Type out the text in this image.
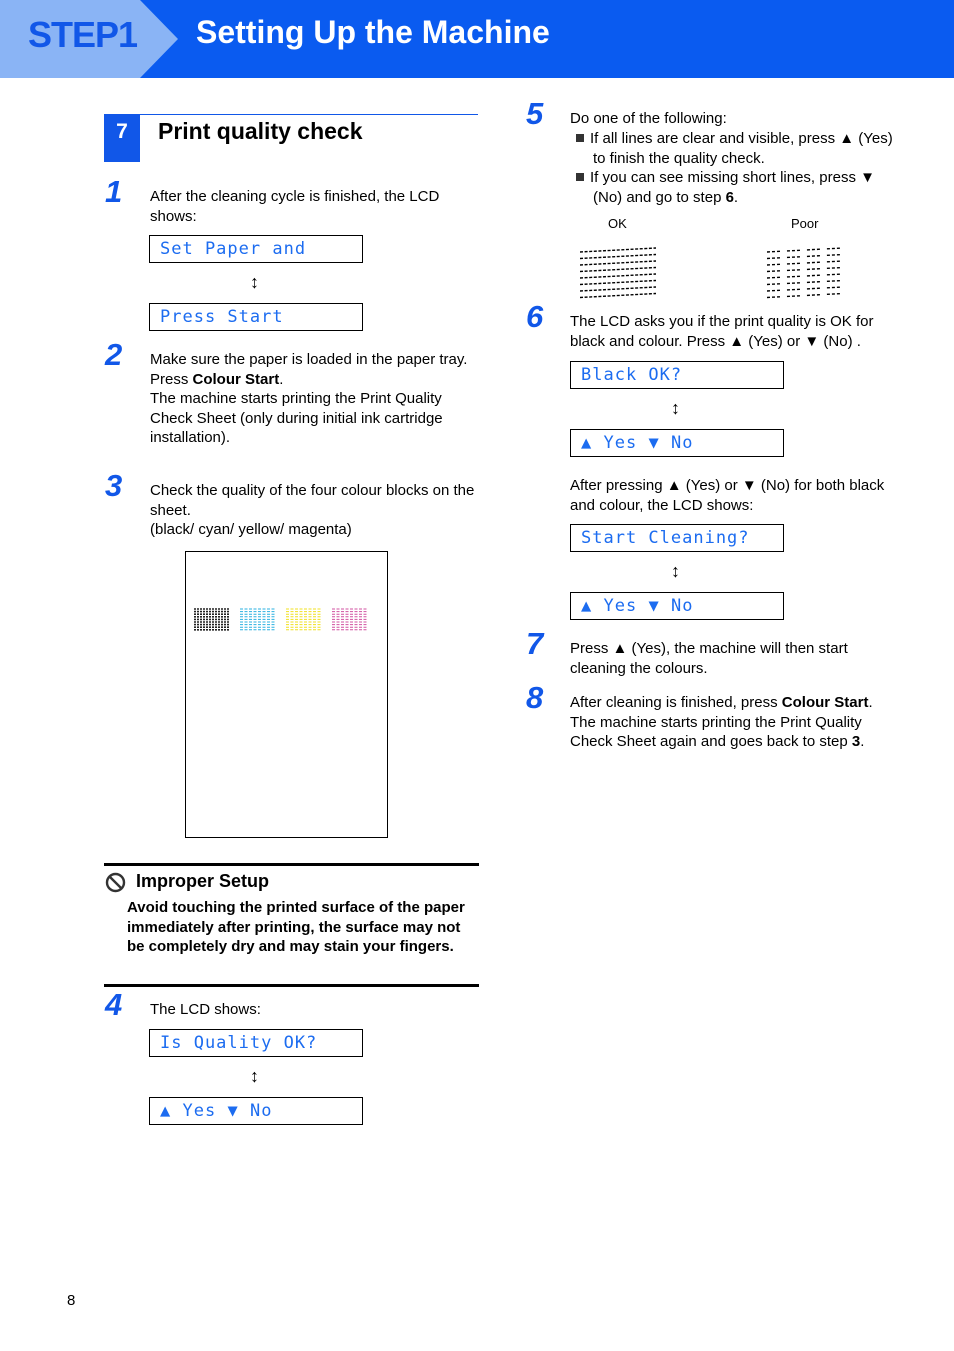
STEP1 Setting Up the Machine
7	Print quality check
1 After the cleaning cycle is finished, the LCD shows:
Set Paper and
↕
Press Start
2 Make sure the paper is loaded in the paper tray.
Press Colour Start.
The machine starts printing the Print Quality Check Sheet (only during initial ink cartridge installation).
3 Check the quality of the four colour blocks on the sheet.
(black/ cyan/ yellow/ magenta)
Improper Setup
Avoid touching the printed surface of the paper immediately after printing, the surface may not be completely dry and may stain your fingers.
4 The LCD shows:
Is Quality OK?
↕
▲ Yes ▼ No
5 Do one of the following:
If all lines are clear and visible, press ▲ (Yes) to finish the quality check.
If you can see missing short lines, press ▼ (No) and go to step 6.
OK	Poor
6 The LCD asks you if the print quality is OK for black and colour. Press ▲ (Yes) or ▼ (No) .
Black OK?
↕
▲ Yes ▼ No
After pressing ▲ (Yes) or ▼ (No) for both black and colour, the LCD shows:
Start Cleaning?
↕
▲ Yes ▼ No
7 Press ▲ (Yes), the machine will then start cleaning the colours.
8 After cleaning is finished, press Colour Start. The machine starts printing the Print Quality Check Sheet again and goes back to step 3.
8
